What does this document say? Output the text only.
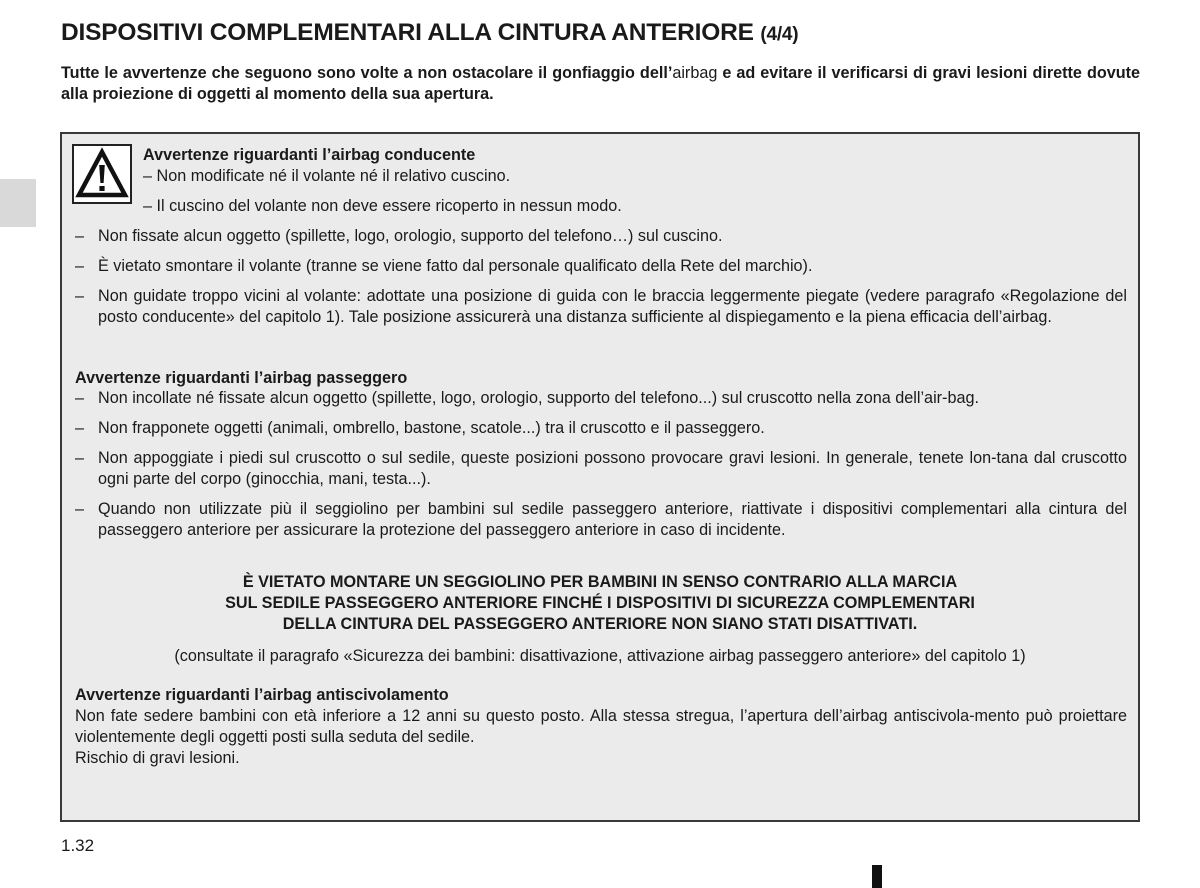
DISPOSITIVI COMPLEMENTARI ALLA CINTURA ANTERIORE (4/4)

Tutte le avvertenze che seguono sono volte a non ostacolare il gonfiaggio dell’airbag e ad evitare il verificarsi di gravi lesioni dirette dovute alla proiezione di oggetti al momento della sua apertura.

Avvertenze riguardanti l’airbag conducente
– Non modificate né il volante né il relativo cuscino.
– Il cuscino del volante non deve essere ricoperto in nessun modo.
– Non fissate alcun oggetto (spillette, logo, orologio, supporto del telefono…) sul cuscino.
– È vietato smontare il volante (tranne se viene fatto dal personale qualificato della Rete del marchio).
– Non guidate troppo vicini al volante: adottate una posizione di guida con le braccia leggermente piegate (vedere paragrafo «Regolazione del posto conducente» del capitolo 1). Tale posizione assicurerà una distanza sufficiente al dispiegamento e la piena efficacia dell’airbag.
Avvertenze riguardanti l’airbag passeggero
– Non incollate né fissate alcun oggetto (spillette, logo, orologio, supporto del telefono...) sul cruscotto nella zona dell’air-bag.
– Non frapponete oggetti (animali, ombrello, bastone, scatole...) tra il cruscotto e il passeggero.
– Non appoggiate i piedi sul cruscotto o sul sedile, queste posizioni possono provocare gravi lesioni. In generale, tenete lon-tana dal cruscotto ogni parte del corpo (ginocchia, mani, testa...).
– Quando non utilizzate più il seggiolino per bambini sul sedile passeggero anteriore, riattivate i dispositivi complementari alla cintura del passeggero anteriore per assicurare la protezione del passeggero anteriore in caso di incidente.
È VIETATO MONTARE UN SEGGIOLINO PER BAMBINI IN SENSO CONTRARIO ALLA MARCIA
SUL SEDILE PASSEGGERO ANTERIORE FINCHÉ I DISPOSITIVI DI SICUREZZA COMPLEMENTARI
DELLA CINTURA DEL PASSEGGERO ANTERIORE NON SIANO STATI DISATTIVATI.
(consultate il paragrafo «Sicurezza dei bambini: disattivazione, attivazione airbag passeggero anteriore» del capitolo 1)
Avvertenze riguardanti l’airbag antiscivolamento
Non fate sedere bambini con età inferiore a 12 anni su questo posto. Alla stessa stregua, l’apertura dell’airbag antiscivola-mento può proiettare violentemente degli oggetti posti sulla seduta del sedile.
Rischio di gravi lesioni.
1.32
